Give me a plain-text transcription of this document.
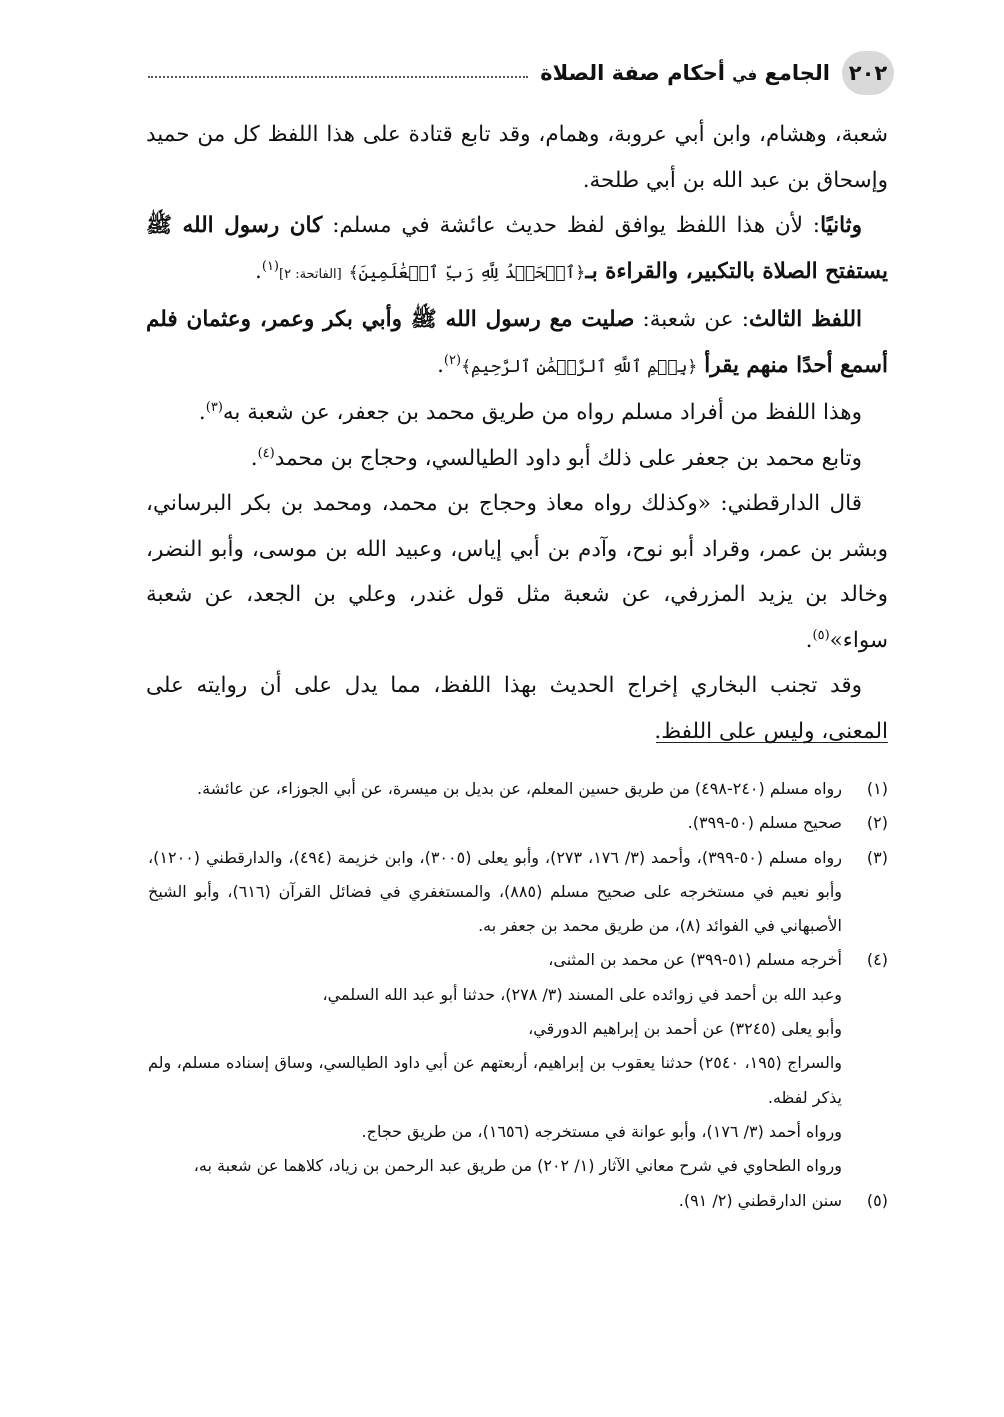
٢٠٢
الجامع في أحكام صفة الصلاة

شعبة، وهشام، وابن أبي عروبة، وهمام، وقد تابع قتادة على هذا اللفظ كل من حميد وإسحاق بن عبد الله بن أبي طلحة.

وثانيًا: لأن هذا اللفظ يوافق لفظ حديث عائشة في مسلم: كان رسول الله ﷺ يستفتح الصلاة بالتكبير، والقراءة بـ﴿ٱلۡحَمۡدُ لِلَّهِ رَبِّ ٱلۡعَٰلَمِينَ﴾ [الفاتحة: ٢]$^{(١)}$.

اللفظ الثالث: عن شعبة: صليت مع رسول الله ﷺ وأبي بكر وعمر، وعثمان فلم أسمع أحدًا منهم يقرأ ﴿بِسۡمِ ٱللَّهِ ٱلرَّحۡمَٰنِ ٱلرَّحِيمِ﴾$^{(٢)}$.

وهذا اللفظ من أفراد مسلم رواه من طريق محمد بن جعفر، عن شعبة به$^{(٣)}$.

وتابع محمد بن جعفر على ذلك أبو داود الطيالسي، وحجاج بن محمد$^{(٤)}$.

قال الدارقطني: «وكذلك رواه معاذ وحجاج بن محمد، ومحمد بن بكر البرساني، وبشر بن عمر، وقراد أبو نوح، وآدم بن أبي إياس، وعبيد الله بن موسى، وأبو النضر، وخالد بن يزيد المزرفي، عن شعبة مثل قول غندر، وعلي بن الجعد، عن شعبة سواء»$^{(٥)}$.

وقد تجنب البخاري إخراج الحديث بهذا اللفظ، مما يدل على أن روايته على المعنى، وليس على اللفظ.

(١)
رواه مسلم (٢٤٠-٤٩٨) من طريق حسين المعلم، عن بديل بن ميسرة، عن أبي الجوزاء، عن عائشة.
(٢)
صحيح مسلم (٥٠-٣٩٩).
(٣)
رواه مسلم (٥٠-٣٩٩)، وأحمد (٣/ ١٧٦، ٢٧٣)، وأبو يعلى (٣٠٠٥)، وابن خزيمة (٤٩٤)، والدارقطني (١٢٠٠)، وأبو نعيم في مستخرجه على صحيح مسلم (٨٨٥)، والمستغفري في فضائل القرآن (٦١٦)، وأبو الشيخ الأصبهاني في الفوائد (٨)، من طريق محمد بن جعفر به.
(٤)
أخرجه مسلم (٥١-٣٩٩) عن محمد بن المثنى،
وعبد الله بن أحمد في زوائده على المسند (٣/ ٢٧٨)، حدثنا أبو عبد الله السلمي،
وأبو يعلى (٣٢٤٥) عن أحمد بن إبراهيم الدورقي،
والسراج (١٩٥، ٢٥٤٠) حدثنا يعقوب بن إبراهيم، أربعتهم عن أبي داود الطيالسي، وساق إسناده مسلم، ولم يذكر لفظه.
ورواه أحمد (٣/ ١٧٦)، وأبو عوانة في مستخرجه (١٦٥٦)، من طريق حجاج.
ورواه الطحاوي في شرح معاني الآثار (١/ ٢٠٢) من طريق عبد الرحمن بن زياد، كلاهما عن شعبة به،
(٥)
سنن الدارقطني (٢/ ٩١).
